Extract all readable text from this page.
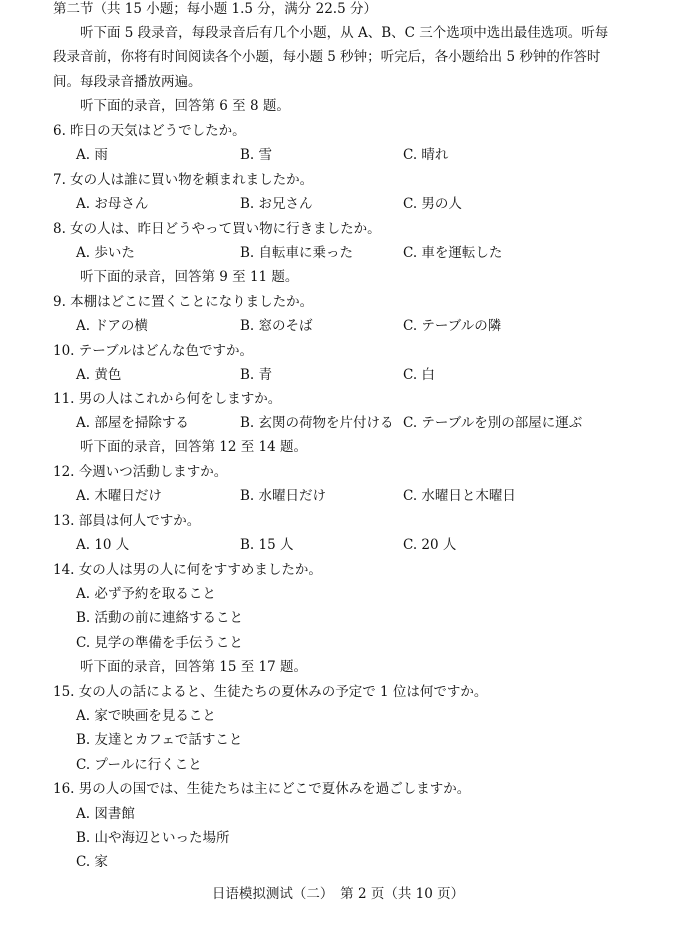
第二节（共 15 小题；每小题 1.5 分，满分 22.5 分）
听下面 5 段录音，每段录音后有几个小题，从 A、B、C 三个选项中选出最佳选项。听每
段录音前，你将有时间阅读各个小题，每小题 5 秒钟；听完后，各小题给出 5 秒钟的作答时
间。每段录音播放两遍。
听下面的录音，回答第 6 至 8 题。
6. 昨日の天気はどうでしたか。
A. 雨	B. 雪	C. 晴れ
7. 女の人は誰に買い物を頼まれましたか。
A. お母さん	B. お兄さん	C. 男の人
8. 女の人は、昨日どうやって買い物に行きましたか。
A. 歩いた	B. 自転車に乗った	C. 車を運転した
听下面的录音，回答第 9 至 11 题。
9. 本棚はどこに置くことになりましたか。
A. ドアの横	B. 窓のそば	C. テーブルの隣
10. テーブルはどんな色ですか。
A. 黄色	B. 青	C. 白
11. 男の人はこれから何をしますか。
A. 部屋を掃除する	B. 玄関の荷物を片付ける C. テーブルを別の部屋に運ぶ
听下面的录音，回答第 12 至 14 题。
12. 今週いつ活動しますか。
A. 木曜日だけ	B. 水曜日だけ	C. 水曜日と木曜日
13. 部員は何人ですか。
A. 10 人	B. 15 人	C. 20 人
14. 女の人は男の人に何をすすめましたか。
A. 必ず予約を取ること
B. 活動の前に連絡すること
C. 見学の準備を手伝うこと
听下面的录音，回答第 15 至 17 题。
15. 女の人の話によると、生徒たちの夏休みの予定で 1 位は何ですか。
A. 家で映画を見ること
B. 友達とカフェで話すこと
C. プールに行くこと
16. 男の人の国では、生徒たちは主にどこで夏休みを過ごしますか。
A. 図書館
B. 山や海辺といった場所
C. 家
日语模拟测试（二）　第 2 页（共 10 页）
